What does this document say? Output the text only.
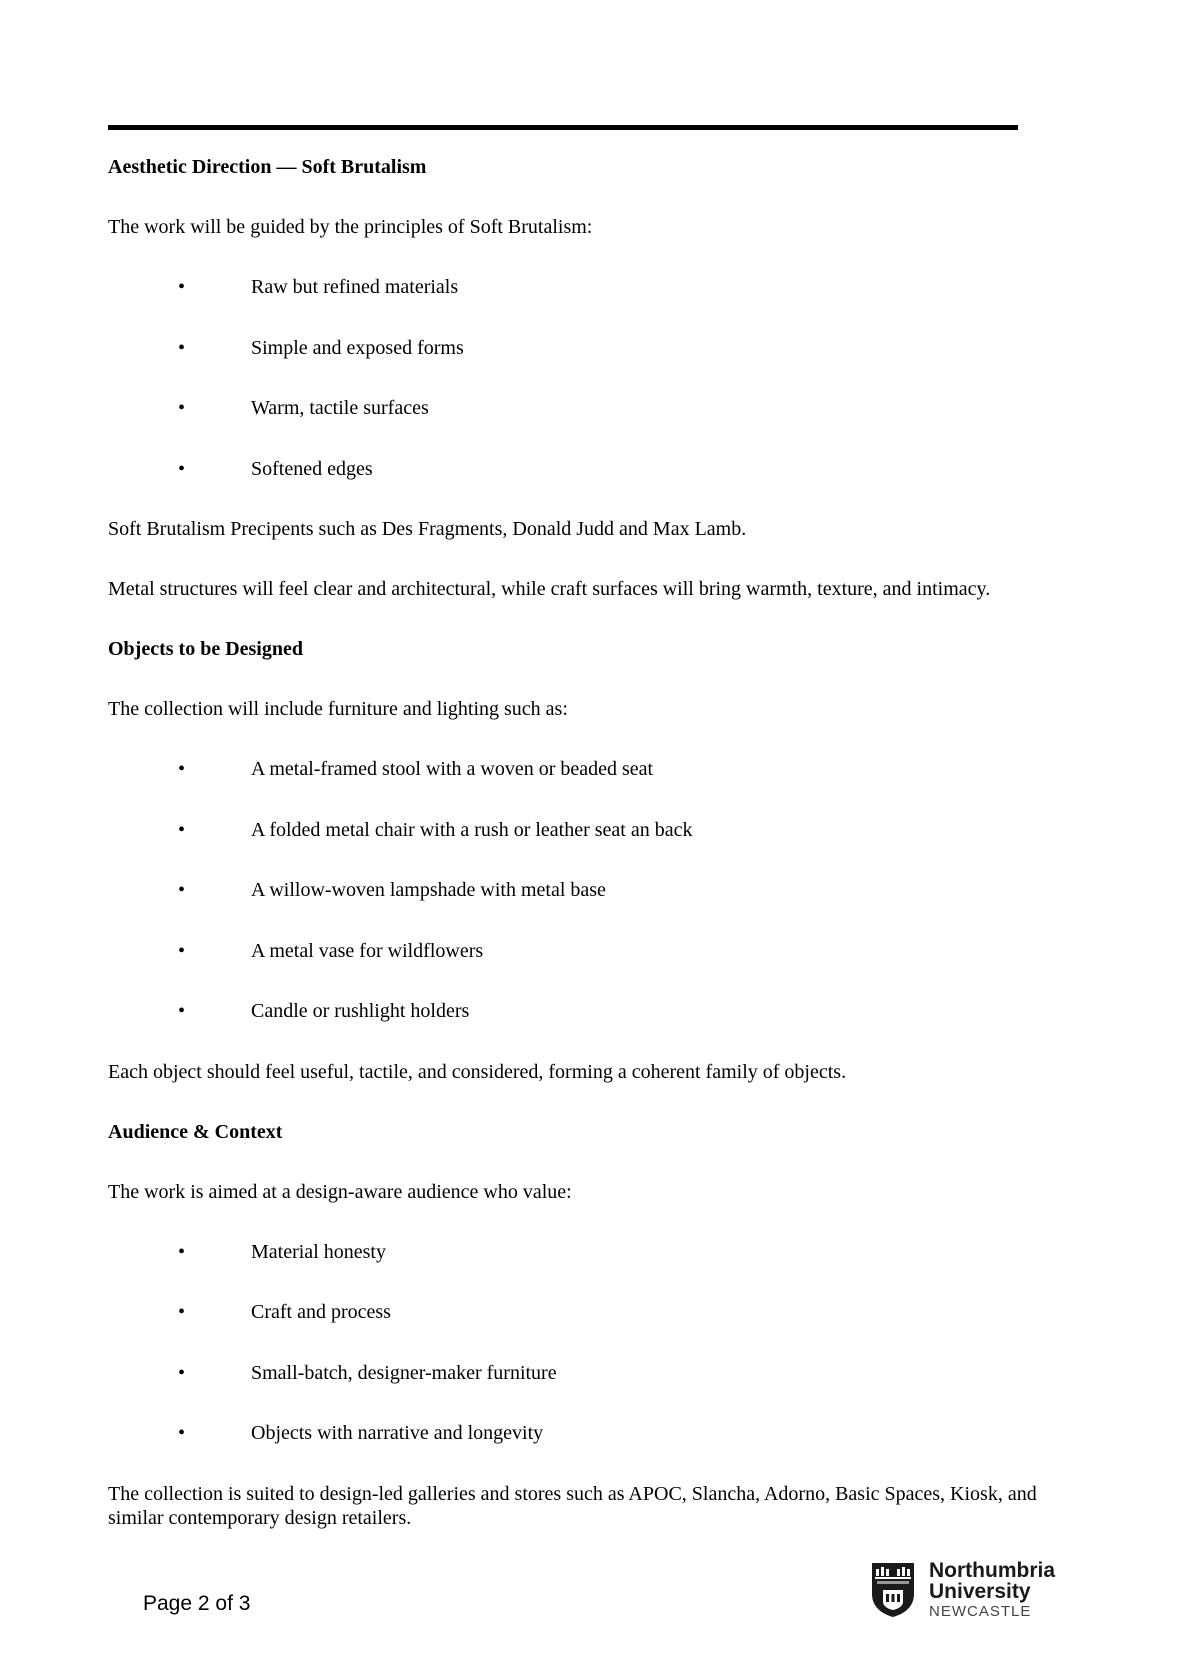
Aesthetic Direction — Soft Brutalism

The work will be guided by the principles of Soft Brutalism:

•	Raw but refined materials
•	Simple and exposed forms
•	Warm, tactile surfaces
•	Softened edges

Soft Brutalism Precipents such as Des Fragments, Donald Judd and Max Lamb.

Metal structures will feel clear and architectural, while craft surfaces will bring warmth, texture, and intimacy.

Objects to be Designed

The collection will include furniture and lighting such as:

•	A metal-framed stool with a woven or beaded seat
•	A folded metal chair with a rush or leather seat an back
•	A willow-woven lampshade with metal base
•	A metal vase for wildflowers
•	Candle or rushlight holders

Each object should feel useful, tactile, and considered, forming a coherent family of objects.

Audience & Context

The work is aimed at a design-aware audience who value:

•	Material honesty
•	Craft and process
•	Small-batch, designer-maker furniture
•	Objects with narrative and longevity

The collection is suited to design-led galleries and stores such as APOC, Slancha, Adorno, Basic Spaces, Kiosk, and similar contemporary design retailers.

Page 2 of 3
Northumbria
University
NEWCASTLE
